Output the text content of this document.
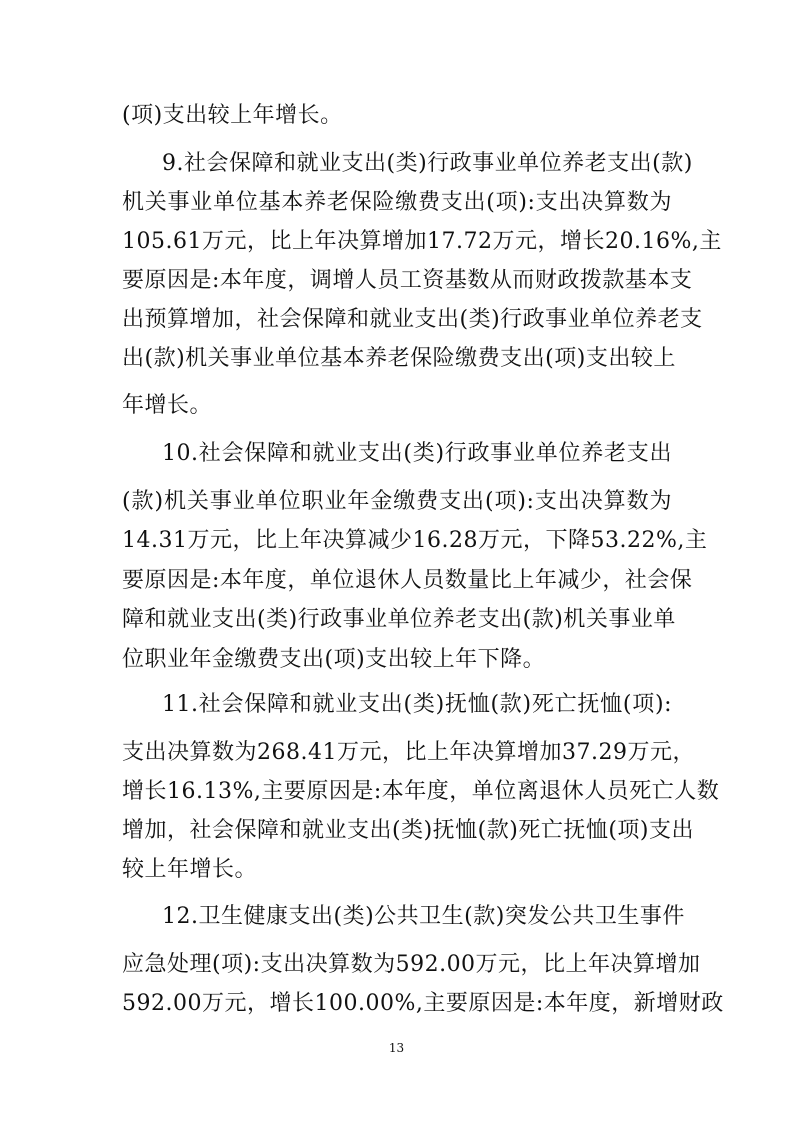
(项)支出较上年增长。
9.社会保障和就业支出(类)行政事业单位养老支出(款)
机关事业单位基本养老保险缴费支出(项):支出决算数为
105.61万元，比上年决算增加17.72万元，增长20.16%,主
要原因是:本年度，调增人员工资基数从而财政拨款基本支
出预算增加，社会保障和就业支出(类)行政事业单位养老支
出(款)机关事业单位基本养老保险缴费支出(项)支出较上
年增长。
10.社会保障和就业支出(类)行政事业单位养老支出
(款)机关事业单位职业年金缴费支出(项):支出决算数为
14.31万元，比上年决算减少16.28万元，下降53.22%,主
要原因是:本年度，单位退休人员数量比上年减少，社会保
障和就业支出(类)行政事业单位养老支出(款)机关事业单
位职业年金缴费支出(项)支出较上年下降。
11.社会保障和就业支出(类)抚恤(款)死亡抚恤(项):
支出决算数为268.41万元，比上年决算增加37.29万元，
增长16.13%,主要原因是:本年度，单位离退休人员死亡人数
增加，社会保障和就业支出(类)抚恤(款)死亡抚恤(项)支出
较上年增长。
12.卫生健康支出(类)公共卫生(款)突发公共卫生事件
应急处理(项):支出决算数为592.00万元，比上年决算增加
592.00万元，增长100.00%,主要原因是:本年度，新增财政
13
